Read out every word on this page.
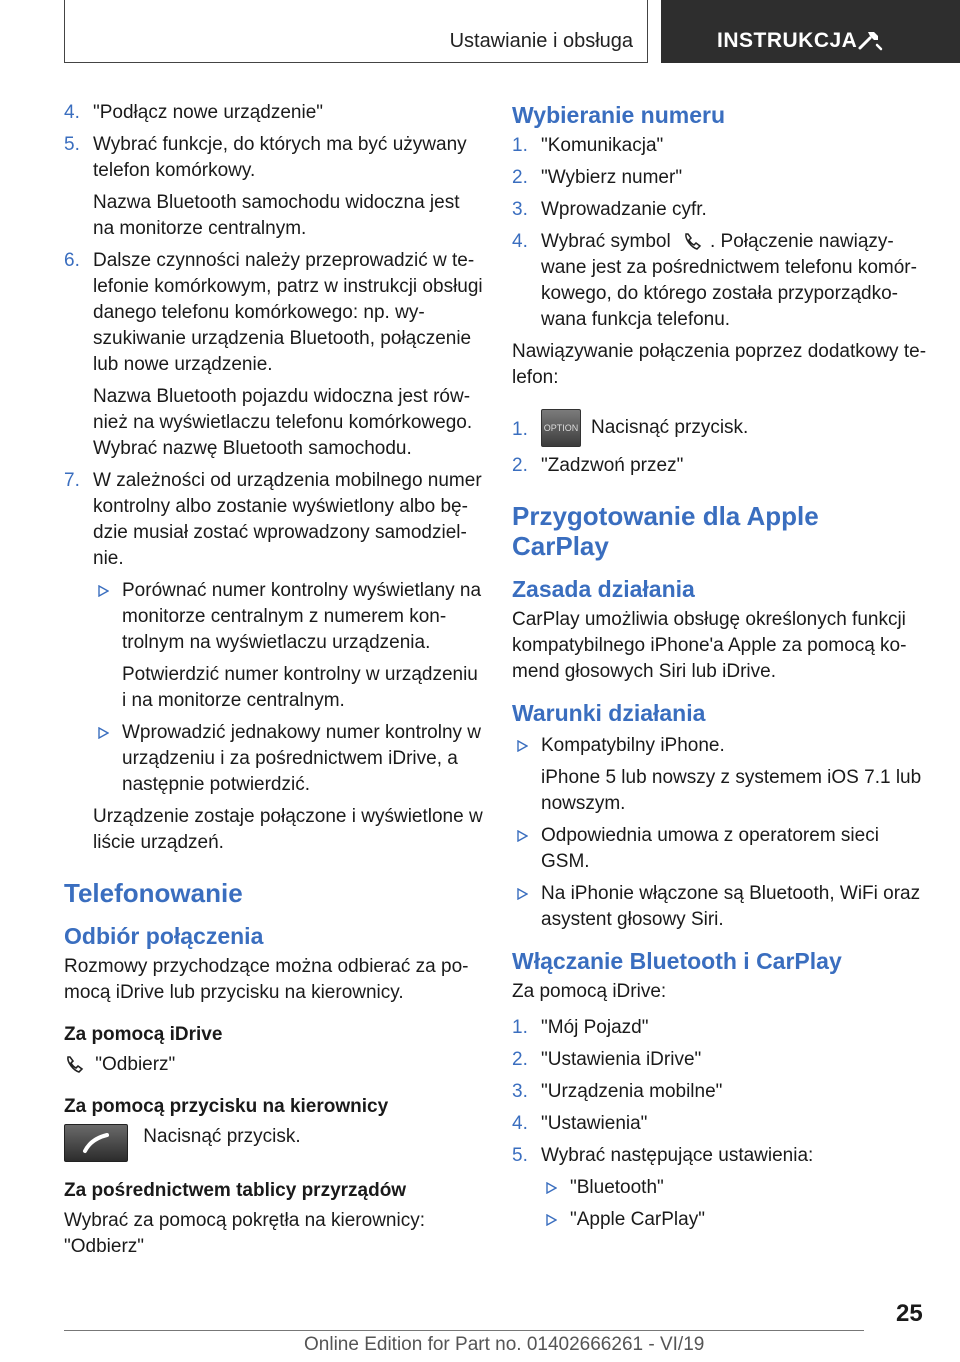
Ustawianie i obsługa	INSTRUKCJA
4. "Podłącz nowe urządzenie"
5. Wybrać funkcje, do których ma być używany telefon komórkowy.
Nazwa Bluetooth samochodu widoczna jest na monitorze centralnym.
6. Dalsze czynności należy przeprowadzić w telefonie komórkowym, patrz w instrukcji obsługi danego telefonu komórkowego: np. wyszukiwanie urządzenia Bluetooth, połączenie lub nowe urządzenie.
Nazwa Bluetooth pojazdu widoczna jest również na wyświetlaczu telefonu komórkowego. Wybrać nazwę Bluetooth samochodu.
7. W zależności od urządzenia mobilnego numer kontrolny albo zostanie wyświetlony albo będzie musiał zostać wprowadzony samodzielnie.
Porównać numer kontrolny wyświetlany na monitorze centralnym z numerem kontrolnym na wyświetlaczu urządzenia.
Potwierdzić numer kontrolny w urządzeniu i na monitorze centralnym.
Wprowadzić jednakowy numer kontrolny w urządzeniu i za pośrednictwem iDrive, a następnie potwierdzić.
Urządzenie zostaje połączone i wyświetlone w liście urządzeń.
Telefonowanie
Odbiór połączenia
Rozmowy przychodzące można odbierać za pomocą iDrive lub przycisku na kierownicy.
Za pomocą iDrive
"Odbierz"
Za pomocą przycisku na kierownicy
Nacisnąć przycisk.
Za pośrednictwem tablicy przyrządów
Wybrać za pomocą pokrętła na kierownicy: "Odbierz"
Wybieranie numeru
1. "Komunikacja"
2. "Wybierz numer"
3. Wprowadzanie cyfr.
4. Wybrać symbol . Połączenie nawiązywane jest za pośrednictwem telefonu komórkowego, do którego została przyporządkowana funkcja telefonu.
Nawiązywanie połączenia poprzez dodatkowy telefon:
1. OPTION Nacisnąć przycisk.
2. "Zadzwoń przez"
Przygotowanie dla Apple CarPlay
Zasada działania
CarPlay umożliwia obsługę określonych funkcji kompatybilnego iPhone'a Apple za pomocą komend głosowych Siri lub iDrive.
Warunki działania
Kompatybilny iPhone.
iPhone 5 lub nowszy z systemem iOS 7.1 lub nowszym.
Odpowiednia umowa z operatorem sieci GSM.
Na iPhonie włączone są Bluetooth, WiFi oraz asystent głosowy Siri.
Włączanie Bluetooth i CarPlay
Za pomocą iDrive:
1. "Mój Pojazd"
2. "Ustawienia iDrive"
3. "Urządzenia mobilne"
4. "Ustawienia"
5. Wybrać następujące ustawienia:
"Bluetooth"
"Apple CarPlay"
25
Online Edition for Part no. 01402666261 - VI/19
